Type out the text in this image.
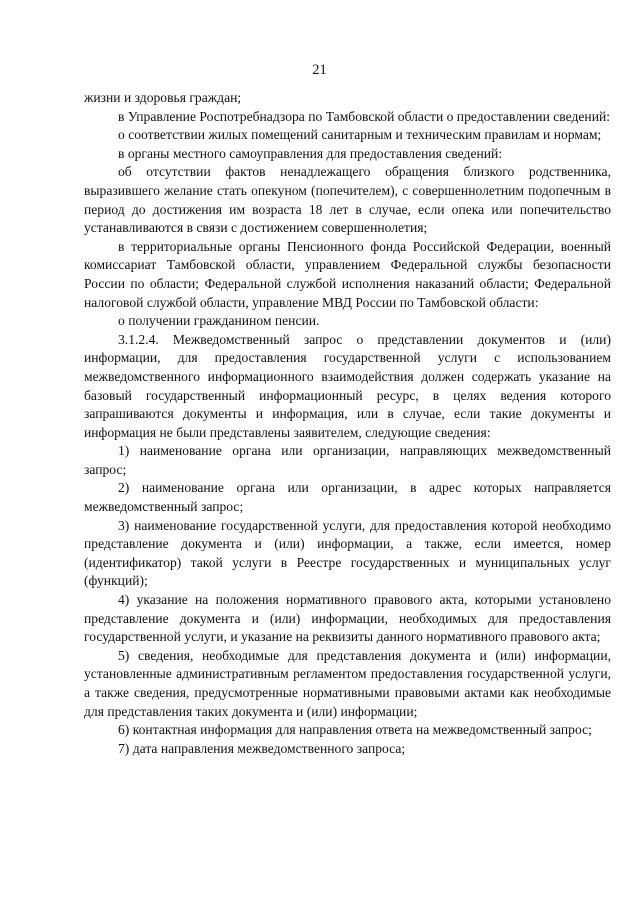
21

жизни и здоровья граждан;

в Управление Роспотребнадзора по Тамбовской области о предоставлении сведений:

о соответствии жилых помещений санитарным и техническим правилам и нормам;

в органы местного самоуправления для предоставления сведений:

об отсутствии фактов ненадлежащего обращения близкого родственника, выразившего желание стать опекуном (попечителем), с совершеннолетним подопечным в период до достижения им возраста 18 лет в случае, если опека или попечительство устанавливаются в связи с достижением совершеннолетия;

в территориальные органы Пенсионного фонда Российской Федерации, военный комиссариат Тамбовской области, управлением Федеральной службы безопасности России по области; Федеральной службой исполнения наказаний области; Федеральной налоговой службой области, управление МВД России по Тамбовской области:

о получении гражданином пенсии.

3.1.2.4. Межведомственный запрос о представлении документов и (или) информации, для предоставления государственной услуги с использованием межведомственного информационного взаимодействия должен содержать указание на базовый государственный информационный ресурс, в целях ведения которого запрашиваются документы и информация, или в случае, если такие документы и информация не были представлены заявителем, следующие сведения:

1) наименование органа или организации, направляющих межведомственный запрос;

2) наименование органа или организации, в адрес которых направляется межведомственный запрос;

3) наименование государственной услуги, для предоставления которой необходимо представление документа и (или) информации, а также, если имеется, номер (идентификатор) такой услуги в Реестре государственных и муниципальных услуг (функций);

4) указание на положения нормативного правового акта, которыми установлено представление документа и (или) информации, необходимых для предоставления государственной услуги, и указание на реквизиты данного нормативного правового акта;

5) сведения, необходимые для представления документа и (или) информации, установленные административным регламентом предоставления государственной услуги, а также сведения, предусмотренные нормативными правовыми актами как необходимые для представления таких документа и (или) информации;

6) контактная информация для направления ответа на межведомственный запрос;

7) дата направления межведомственного запроса;
